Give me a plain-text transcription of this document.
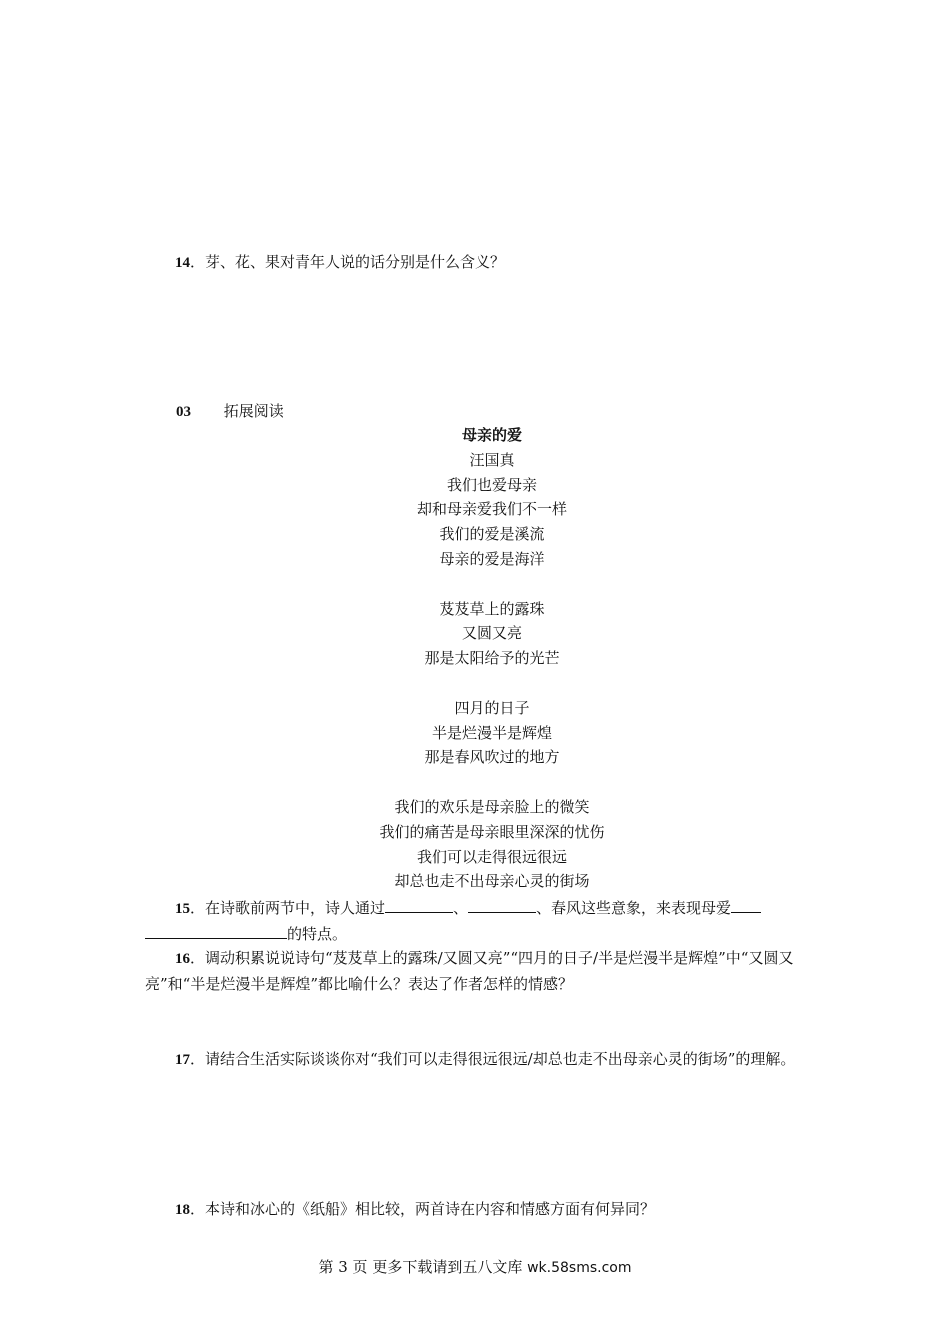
14．芽、花、果对青年人说的话分别是什么含义？

03 拓展阅读
母亲的爱
汪国真
我们也爱母亲
却和母亲爱我们不一样
我们的爱是溪流
母亲的爱是海洋
芨芨草上的露珠
又圆又亮
那是太阳给予的光芒
四月的日子
半是烂漫半是辉煌
那是春风吹过的地方
我们的欢乐是母亲脸上的微笑
我们的痛苦是母亲眼里深深的忧伤
我们可以走得很远很远
却总也走不出母亲心灵的街场

15．在诗歌前两节中，诗人通过	、	、春风这些意象，来表现母爱
的特点。

16．调动积累说说诗句“芨芨草上的露珠/又圆又亮”“四月的日子/半是烂漫半是辉煌”中“又圆又亮”和“半是烂漫半是辉煌”都比喻什么？表达了作者怎样的情感？

17．请结合生活实际谈谈你对“我们可以走得很远很远/却总也走不出母亲心灵的街场”的理解。

18．本诗和冰心的《纸船》相比较，两首诗在内容和情感方面有何异同？

第 3 页 更多下载请到五八文库 wk.58sms.com
